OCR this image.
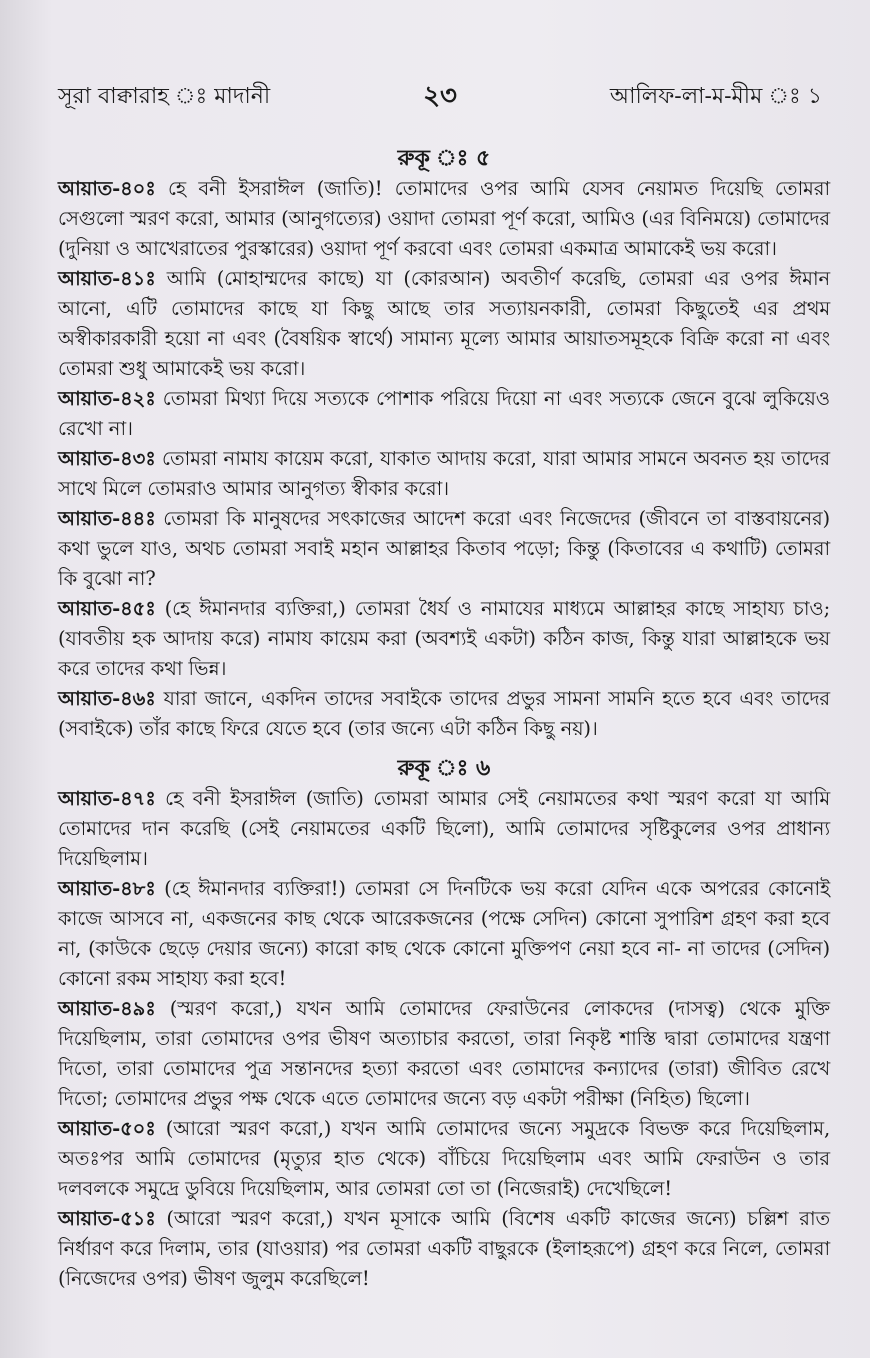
সূরা বাক্বারাহ ঃ মাদানী	২৩	আলিফ-লা-ম-মীম ঃ ১
রুকূ ঃ ৫

আয়াত-৪০ঃ হে বনী ইসরাঈল (জাতি)! তোমাদের ওপর আমি যেসব নেয়ামত দিয়েছি তোমরা সেগুলো স্মরণ করো, আমার (আনুগত্যের) ওয়াদা তোমরা পূর্ণ করো, আমিও (এর বিনিময়ে) তোমাদের (দুনিয়া ও আখেরাতের পুরস্কারের) ওয়াদা পূর্ণ করবো এবং তোমরা একমাত্র আমাকেই ভয় করো।

আয়াত-৪১ঃ আমি (মোহাম্মদের কাছে) যা (কোরআন) অবতীর্ণ করেছি, তোমরা এর ওপর ঈমান আনো, এটি তোমাদের কাছে যা কিছু আছে তার সত্যায়নকারী, তোমরা কিছুতেই এর প্রথম অস্বীকারকারী হয়ো না এবং (বৈষয়িক স্বার্থে) সামান্য মূল্যে আমার আয়াতসমূহকে বিক্রি করো না এবং তোমরা শুধু আমাকেই ভয় করো।

আয়াত-৪২ঃ তোমরা মিথ্যা দিয়ে সত্যকে পোশাক পরিয়ে দিয়ো না এবং সত্যকে জেনে বুঝে লুকিয়েও রেখো না।

আয়াত-৪৩ঃ তোমরা নামায কায়েম করো, যাকাত আদায় করো, যারা আমার সামনে অবনত হয় তাদের সাথে মিলে তোমরাও আমার আনুগত্য স্বীকার করো।

আয়াত-৪৪ঃ তোমরা কি মানুষদের সৎকাজের আদেশ করো এবং নিজেদের (জীবনে তা বাস্তবায়নের) কথা ভুলে যাও, অথচ তোমরা সবাই মহান আল্লাহর কিতাব পড়ো; কিন্তু (কিতাবের এ কথাটি) তোমরা কি বুঝো না?

আয়াত-৪৫ঃ (হে ঈমানদার ব্যক্তিরা,) তোমরা ধৈর্য ও নামাযের মাধ্যমে আল্লাহর কাছে সাহায্য চাও; (যাবতীয় হক আদায় করে) নামায কায়েম করা (অবশ্যই একটা) কঠিন কাজ, কিন্তু যারা আল্লাহকে ভয় করে তাদের কথা ভিন্ন।

আয়াত-৪৬ঃ যারা জানে, একদিন তাদের সবাইকে তাদের প্রভুর সামনা সামনি হতে হবে এবং তাদের (সবাইকে) তাঁর কাছে ফিরে যেতে হবে (তার জন্যে এটা কঠিন কিছু নয়)।

রুকূ ঃ ৬

আয়াত-৪৭ঃ হে বনী ইসরাঈল (জাতি) তোমরা আমার সেই নেয়ামতের কথা স্মরণ করো যা আমি তোমাদের দান করেছি (সেই নেয়ামতের একটি ছিলো), আমি তোমাদের সৃষ্টিকুলের ওপর প্রাধান্য দিয়েছিলাম।

আয়াত-৪৮ঃ (হে ঈমানদার ব্যক্তিরা!) তোমরা সে দিনটিকে ভয় করো যেদিন একে অপরের কোনোই কাজে আসবে না, একজনের কাছ থেকে আরেকজনের (পক্ষে সেদিন) কোনো সুপারিশ গ্রহণ করা হবে না, (কাউকে ছেড়ে দেয়ার জন্যে) কারো কাছ থেকে কোনো মুক্তিপণ নেয়া হবে না- না তাদের (সেদিন) কোনো রকম সাহায্য করা হবে!

আয়াত-৪৯ঃ (স্মরণ করো,) যখন আমি তোমাদের ফেরাউনের লোকদের (দাসত্ব) থেকে মুক্তি দিয়েছিলাম, তারা তোমাদের ওপর ভীষণ অত্যাচার করতো, তারা নিকৃষ্ট শাস্তি দ্বারা তোমাদের যন্ত্রণা দিতো, তারা তোমাদের পুত্র সন্তানদের হত্যা করতো এবং তোমাদের কন্যাদের (তারা) জীবিত রেখে দিতো; তোমাদের প্রভুর পক্ষ থেকে এতে তোমাদের জন্যে বড় একটা পরীক্ষা (নিহিত) ছিলো।

আয়াত-৫০ঃ (আরো স্মরণ করো,) যখন আমি তোমাদের জন্যে সমুদ্রকে বিভক্ত করে দিয়েছিলাম, অতঃপর আমি তোমাদের (মৃত্যুর হাত থেকে) বাঁচিয়ে দিয়েছিলাম এবং আমি ফেরাউন ও তার দলবলকে সমুদ্রে ডুবিয়ে দিয়েছিলাম, আর তোমরা তো তা (নিজেরাই) দেখেছিলে!

আয়াত-৫১ঃ (আরো স্মরণ করো,) যখন মূসাকে আমি (বিশেষ একটি কাজের জন্যে) চল্লিশ রাত নির্ধারণ করে দিলাম, তার (যাওয়ার) পর তোমরা একটি বাছুরকে (ইলাহরূপে) গ্রহণ করে নিলে, তোমরা (নিজেদের ওপর) ভীষণ জুলুম করেছিলে!
